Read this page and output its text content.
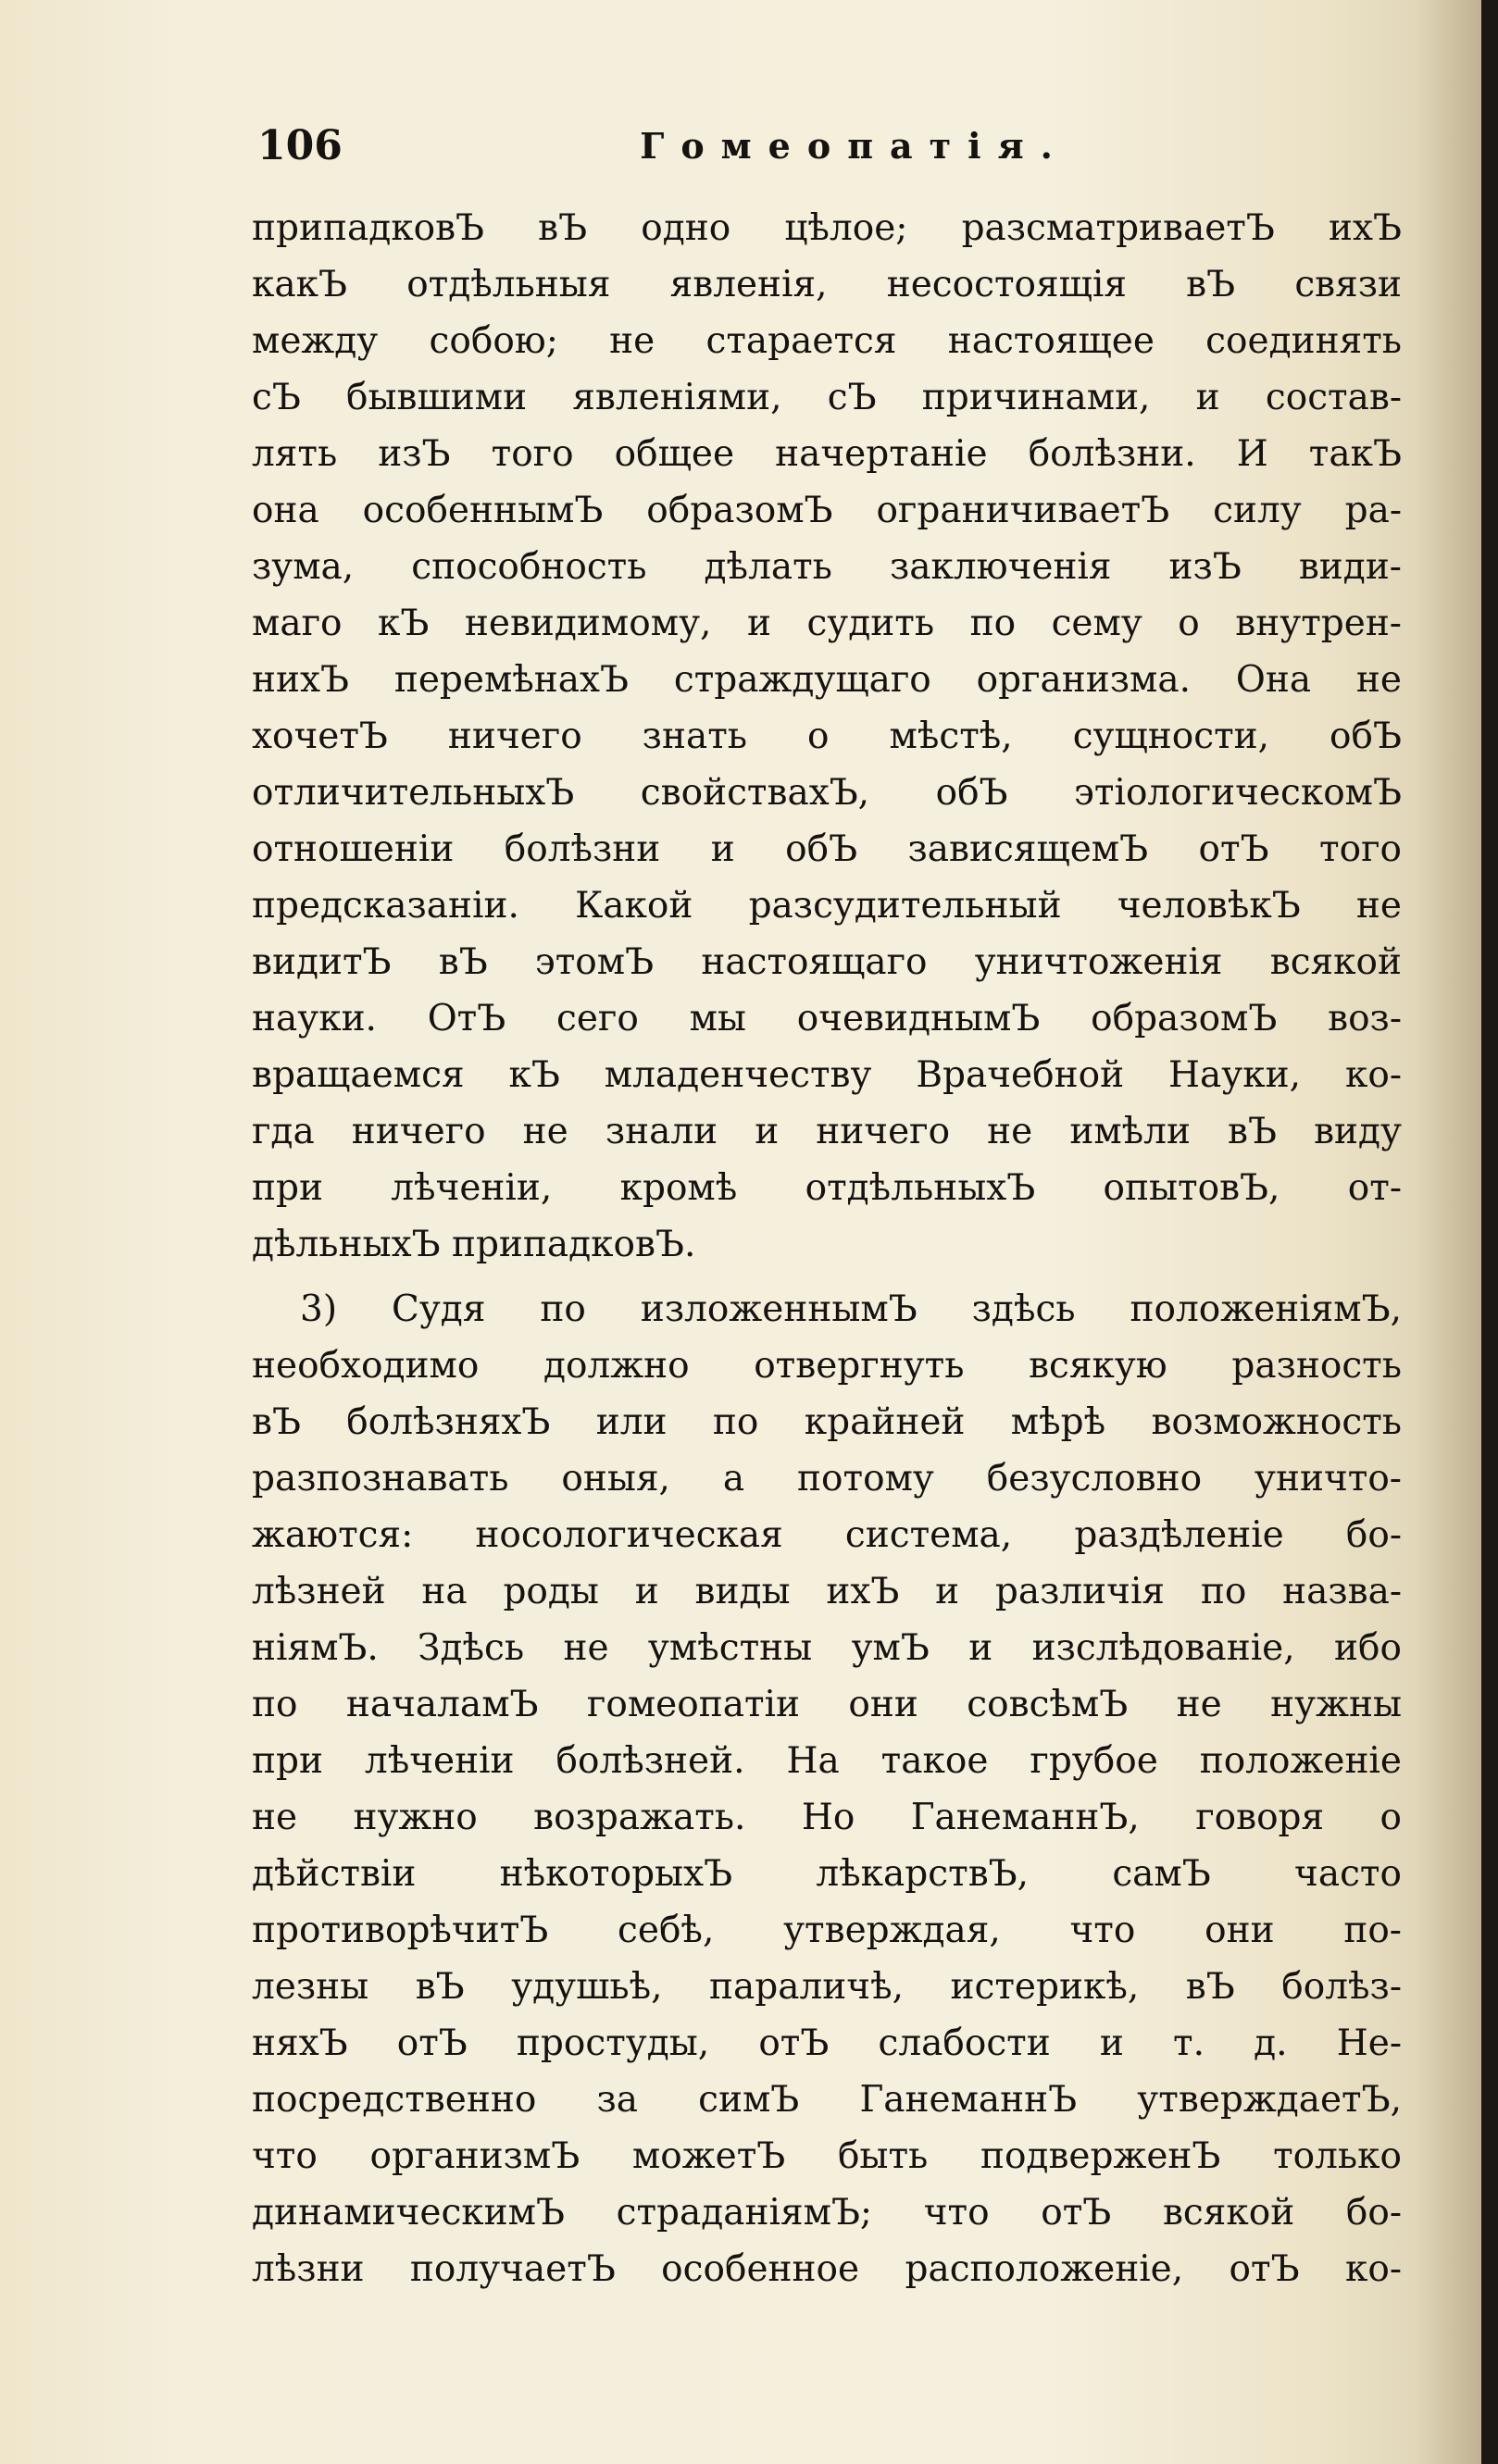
106	Гомеопатія.
припадковЪ вЪ одно цѣлое; разсматриваетЪ ихЪ
какЪ отдѣльныя явленія, несостоящія вЪ связи
между собою; не старается настоящее соединять
сЪ бывшими явленіями, сЪ причинами, и состав-
лять изЪ того общее начертаніе болѣзни. И такЪ
она особеннымЪ образомЪ ограничиваетЪ силу ра-
зума, способность дѣлать заключенія изЪ види-
маго кЪ невидимому, и судить по сему о внутрен-
нихЪ перемѣнахЪ страждущаго организма. Она не
хочетЪ ничего знать о мѣстѣ, сущности, обЪ
отличительныхЪ свойствахЪ, обЪ этіологическомЪ
отношеніи болѣзни и обЪ зависящемЪ отЪ того
предсказаніи. Какой разсудительный человѣкЪ не
видитЪ вЪ этомЪ настоящаго уничтоженія всякой
науки. ОтЪ сего мы очевиднымЪ образомЪ воз-
вращаемся кЪ младенчеству Врачебной Науки, ко-
гда ничего не знали и ничего не имѣли вЪ виду
при лѣченіи, кромѣ отдѣльныхЪ опытовЪ, от-
дѣльныхЪ припадковЪ.
3) Судя по изложеннымЪ здѣсь положеніямЪ,
необходимо должно отвергнуть всякую разность
вЪ болѣзняхЪ или по крайней мѣрѣ возможность
разпознавать оныя, а потому безусловно уничто-
жаются: носологическая система, раздѣленіе бо-
лѣзней на роды и виды ихЪ и различія по назва-
ніямЪ. Здѣсь не умѣстны умЪ и изслѣдованіе, ибо
по началамЪ гомеопатіи они совсѣмЪ не нужны
при лѣченіи болѣзней. На такое грубое положеніе
не нужно возражать. Но ГанеманнЪ, говоря о
дѣйствіи нѣкоторыхЪ лѣкарствЪ, самЪ часто
противорѣчитЪ себѣ, утверждая, что они по-
лезны вЪ удушьѣ, параличѣ, истерикѣ, вЪ болѣз-
няхЪ отЪ простуды, отЪ слабости и т. д. Не-
посредственно за симЪ ГанеманнЪ утверждаетЪ,
что организмЪ можетЪ быть подверженЪ только
динамическимЪ страданіямЪ; что отЪ всякой бо-
лѣзни получаетЪ особенное расположеніе, отЪ ко-
